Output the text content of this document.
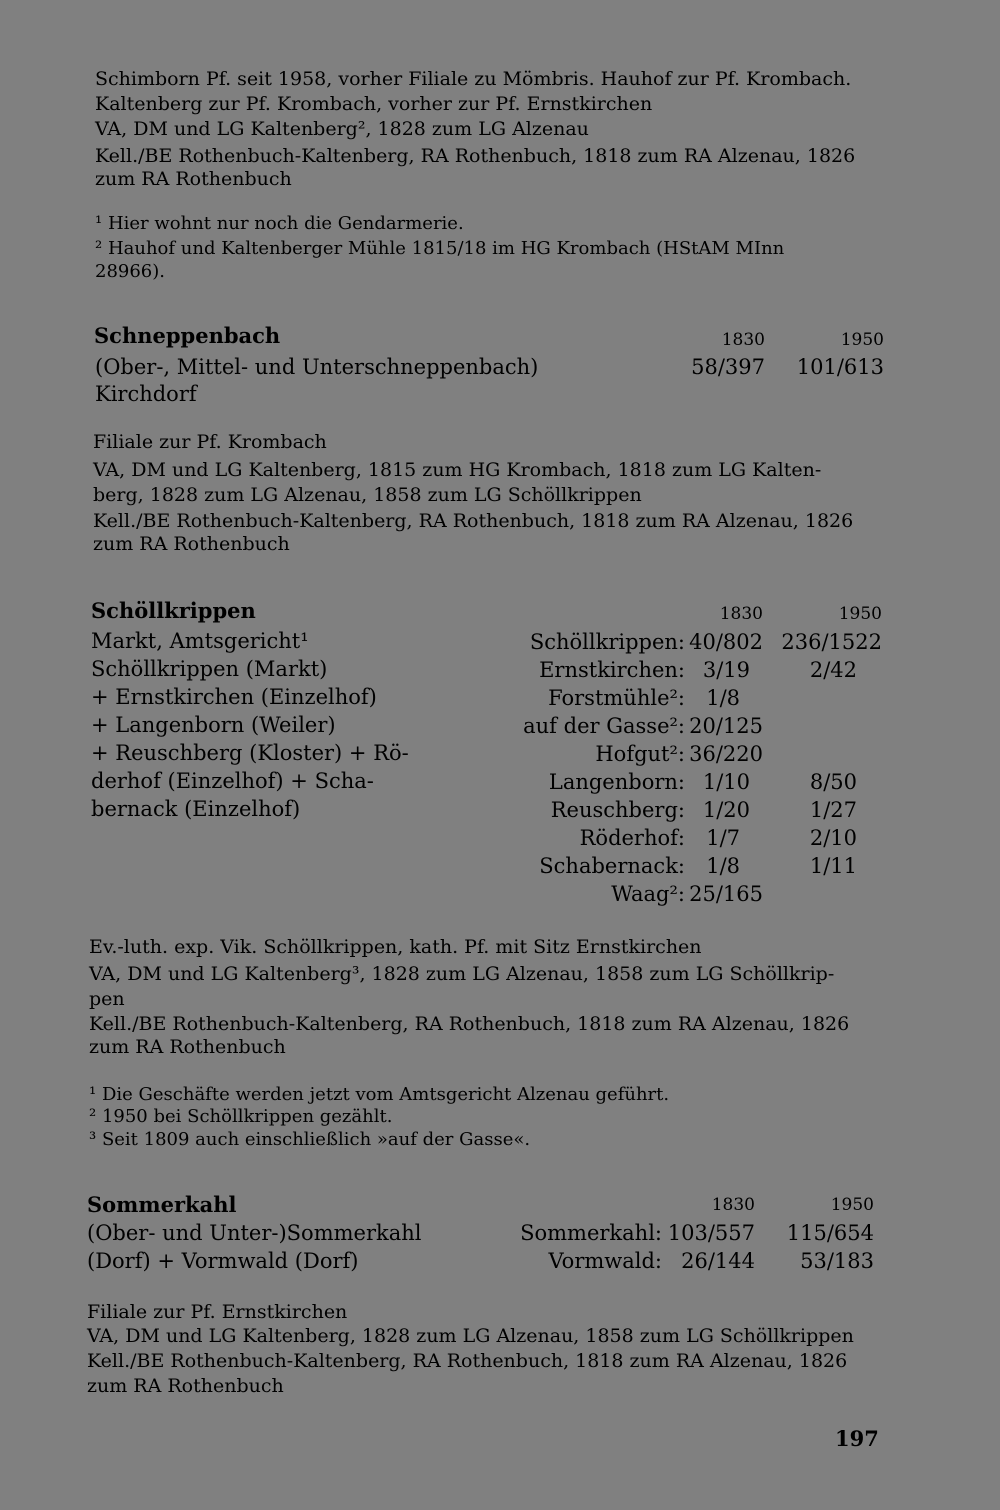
Schimborn Pf. seit 1958, vorher Filiale zu Mömbris. Hauhof zur Pf. Krombach.
Kaltenberg zur Pf. Krombach, vorher zur Pf. Ernstkirchen
VA, DM und LG Kaltenberg², 1828 zum LG Alzenau
Kell./BE Rothenbuch-Kaltenberg, RA Rothenbuch, 1818 zum RA Alzenau, 1826
zum RA Rothenbuch
¹ Hier wohnt nur noch die Gendarmerie.
² Hauhof und Kaltenberger Mühle 1815/18 im HG Krombach (HStAM MInn
28966).
Schneppenbach	1830	1950
(Ober-, Mittel- und Unterschneppenbach)
Kirchdorf
58/397 101/613
Filiale zur Pf. Krombach
VA, DM und LG Kaltenberg, 1815 zum HG Krombach, 1818 zum LG Kalten-
berg, 1828 zum LG Alzenau, 1858 zum LG Schöllkrippen
Kell./BE Rothenbuch-Kaltenberg, RA Rothenbuch, 1818 zum RA Alzenau, 1826
zum RA Rothenbuch
Schöllkrippen	1830	1950
Markt, Amtsgericht¹
Schöllkrippen (Markt)
+ Ernstkirchen (Einzelhof)
+ Langenborn (Weiler)
+ Reuschberg (Kloster) + Rö-
derhof (Einzelhof) + Scha-
bernack (Einzelhof)
Schöllkrippen: 40/802 236/1522
Ernstkirchen: 3/19	2/42
Forstmühle²: 1/8
auf der Gasse²: 20/125
Hofgut²: 36/220
Langenborn: 1/10	8/50
Reuschberg: 1/20	1/27
Röderhof: 1/7	2/10
Schabernack: 1/8	1/11
Waag²: 25/165
Ev.-luth. exp. Vik. Schöllkrippen, kath. Pf. mit Sitz Ernstkirchen
VA, DM und LG Kaltenberg³, 1828 zum LG Alzenau, 1858 zum LG Schöllkrip-
pen
Kell./BE Rothenbuch-Kaltenberg, RA Rothenbuch, 1818 zum RA Alzenau, 1826
zum RA Rothenbuch
¹ Die Geschäfte werden jetzt vom Amtsgericht Alzenau geführt.
² 1950 bei Schöllkrippen gezählt.
³ Seit 1809 auch einschließlich »auf der Gasse«.
Sommerkahl	1830	1950
(Ober- und Unter-)Sommerkahl
(Dorf) + Vormwald (Dorf)
Sommerkahl: 103/557 115/654
Vormwald: 26/144 53/183
Filiale zur Pf. Ernstkirchen
VA, DM und LG Kaltenberg, 1828 zum LG Alzenau, 1858 zum LG Schöllkrippen
Kell./BE Rothenbuch-Kaltenberg, RA Rothenbuch, 1818 zum RA Alzenau, 1826
zum RA Rothenbuch
197
